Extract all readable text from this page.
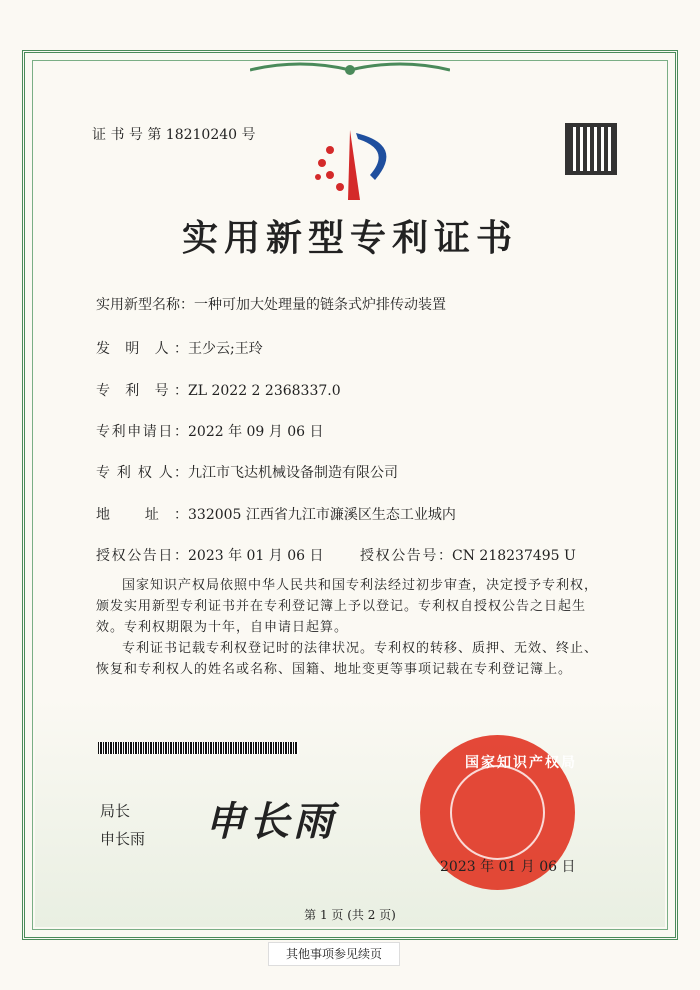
证 书 号 第 18210240 号
实用新型专利证书
实用新型名称：一种可加大处理量的链条式炉排传动装置
发 明 人：王少云;王玲
专 利 号：ZL 2022 2 2368337.0
专利申请日：2022 年 09 月 06 日
专 利 权 人：九江市飞达机械设备制造有限公司
地 址：332005 江西省九江市濂溪区生态工业城内
授权公告日：2023 年 01 月 06 日	授权公告号：CN 218237495 U
国家知识产权局依照中华人民共和国专利法经过初步审查，决定授予专利权，颁发实用新型专利证书并在专利登记簿上予以登记。专利权自授权公告之日起生效。专利权期限为十年，自申请日起算。
专利证书记载专利权登记时的法律状况。专利权的转移、质押、无效、终止、恢复和专利权人的姓名或名称、国籍、地址变更等事项记载在专利登记簿上。
局长
申长雨 申长雨
国家知识产权局
2023 年 01 月 06 日
第 1 页 (共 2 页)
其他事项参见续页
